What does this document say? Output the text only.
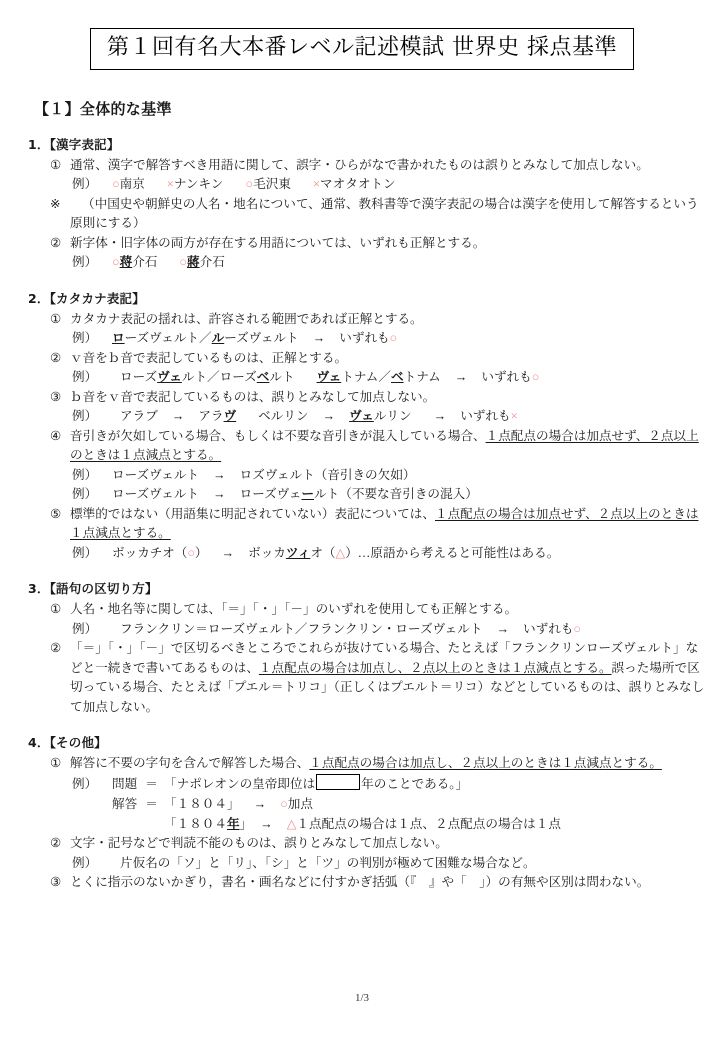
第１回有名大本番レベル記述模試 世界史 採点基準
【１】全体的な基準
1．【漢字表記】
① 通常、漢字で解答すべき用語に関して、誤字・ひらがなで書かれたものは誤りとみなして加点しない。
例）	○南京 ×ナンキン ○毛沢東 ×マオタオトン
※	（中国史や朝鮮史の人名・地名について、通常、教科書等で漢字表記の場合は漢字を使用して解答するという原則にする）
② 新字体・旧字体の両方が存在する用語については、いずれも正解とする。
例）	○蒋介石 ○蔣介石
2．【カタカナ表記】
① カタカナ表記の揺れは、許容される範囲であれば正解とする。
例）	ローズヴェルト／ルーズヴェルト → いずれも○
② ｖ音をｂ音で表記しているものは、正解とする。
例）	ローズヴェルト／ローズベルト ヴェトナム／ベトナム → いずれも○
③ ｂ音をｖ音で表記しているものは、誤りとみなして加点しない。
例）	アラブ → アラヴ ベルリン → ヴェルリン → いずれも×
④ 音引きが欠如している場合、もしくは不要な音引きが混入している場合、１点配点の場合は加点せず、２点以上のときは１点減点とする。
例）	ローズヴェルト → ロズヴェルト（音引きの欠如）
例）	ローズヴェルト → ローズヴェールト（不要な音引きの混入）
⑤ 標準的ではない（用語集に明記されていない）表記については、１点配点の場合は加点せず、２点以上のときは１点減点とする。
例）	ボッカチオ（○） → ボッカツィオ（△）…原語から考えると可能性はある。
3．【語句の区切り方】
① 人名・地名等に関しては、「＝」「・」「－」のいずれを使用しても正解とする。
例）	フランクリン＝ローズヴェルト／フランクリン・ローズヴェルト → いずれも○
② 「＝」「・」「－」で区切るべきところでこれらが抜けている場合、たとえば「フランクリンローズヴェルト」などと一続きで書いてあるものは、１点配点の場合は加点し、２点以上のときは１点減点とする。誤った場所で区切っている場合、たとえば「プエル＝トリコ」（正しくはプエルト＝リコ）などとしているものは、誤りとみなして加点しない。
4．【その他】
① 解答に不要の字句を含んで解答した場合、１点配点の場合は加点し、２点以上のときは１点減点とする。
例）	問題 ＝ 「ナポレオンの皇帝即位は	年のことである。」
解答 ＝ 「１８０４」 → ○加点
「１８０４年」 → △１点配点の場合は１点、２点配点の場合は１点
② 文字・記号などで判読不能のものは、誤りとみなして加点しない。
例）	片仮名の「ソ」と「リ」、「シ」と「ツ」の判別が極めて困難な場合など。
③ とくに指示のないかぎり，書名・画名などに付すかぎ括弧（『　』や「　」）の有無や区別は問わない。
1/3
